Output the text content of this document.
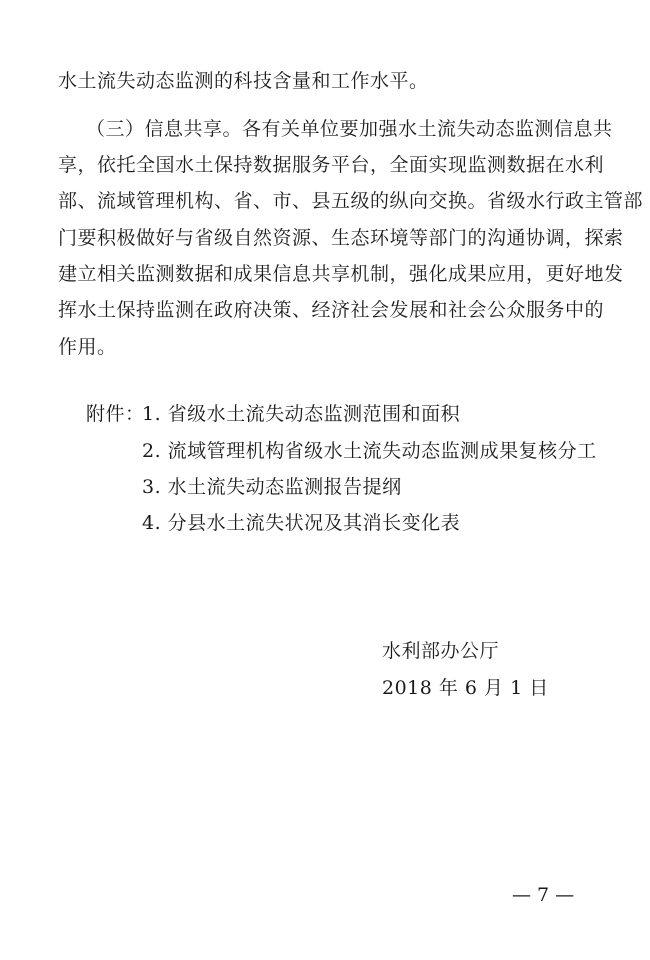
水土流失动态监测的科技含量和工作水平。
（三）信息共享。各有关单位要加强水土流失动态监测信息共
享，依托全国水土保持数据服务平台，全面实现监测数据在水利
部、流域管理机构、省、市、县五级的纵向交换。省级水行政主管部
门要积极做好与省级自然资源、生态环境等部门的沟通协调，探索
建立相关监测数据和成果信息共享机制，强化成果应用，更好地发
挥水土保持监测在政府决策、经济社会发展和社会公众服务中的
作用。
附件：
1. 省级水土流失动态监测范围和面积
2. 流域管理机构省级水土流失动态监测成果复核分工
3. 水土流失动态监测报告提纲
4. 分县水土流失状况及其消长变化表
水利部办公厅
2018 年 6 月 1 日
— 7 —
